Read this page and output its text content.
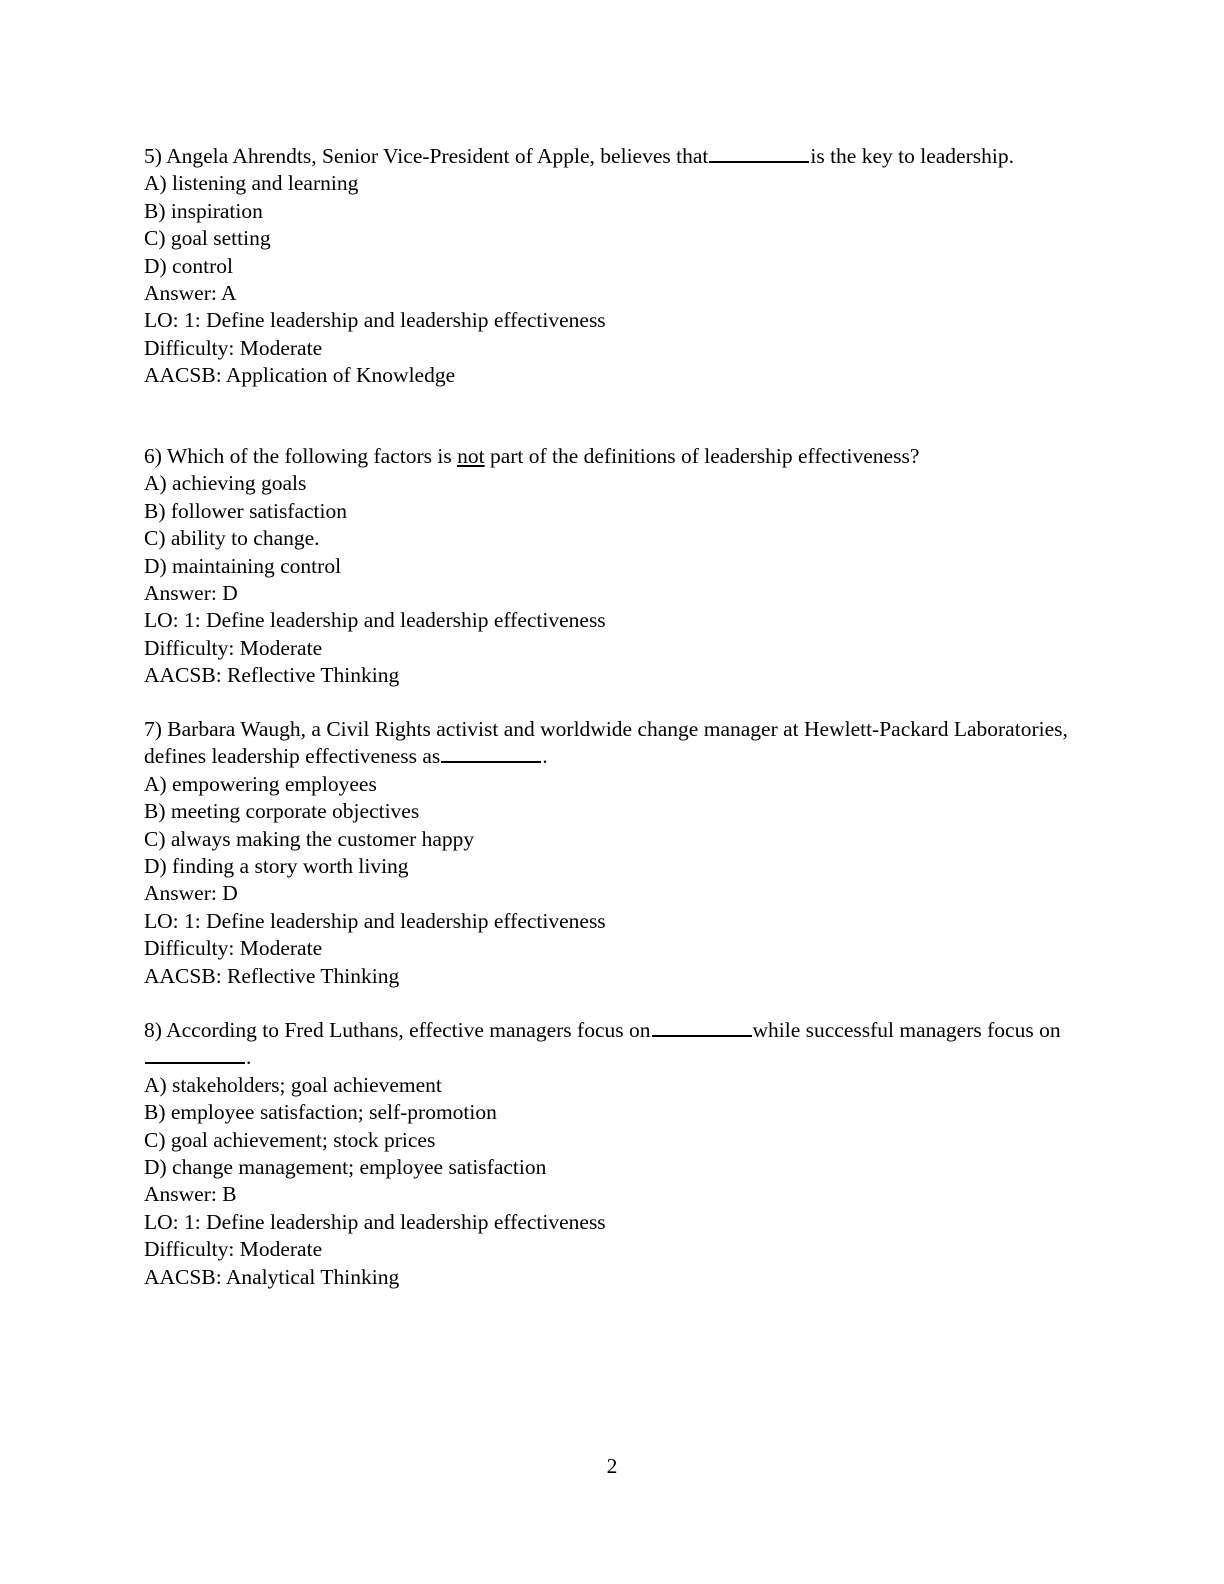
5) Angela Ahrendts, Senior Vice-President of Apple, believes that	is the key to leadership.
A) listening and learning
B) inspiration
C) goal setting
D) control
Answer: A
LO: 1: Define leadership and leadership effectiveness
Difficulty: Moderate
AACSB: Application of Knowledge
6) Which of the following factors is not part of the definitions of leadership effectiveness?
A) achieving goals
B) follower satisfaction
C) ability to change.
D) maintaining control
Answer: D
LO: 1: Define leadership and leadership effectiveness
Difficulty: Moderate
AACSB: Reflective Thinking
7) Barbara Waugh, a Civil Rights activist and worldwide change manager at Hewlett-Packard Laboratories, defines leadership effectiveness as	.
A) empowering employees
B) meeting corporate objectives
C) always making the customer happy
D) finding a story worth living
Answer: D
LO: 1: Define leadership and leadership effectiveness
Difficulty: Moderate
AACSB: Reflective Thinking
8) According to Fred Luthans, effective managers focus on	while successful managers focus on.
A) stakeholders; goal achievement
B) employee satisfaction; self-promotion
C) goal achievement; stock prices
D) change management; employee satisfaction
Answer: B
LO: 1: Define leadership and leadership effectiveness
Difficulty: Moderate
AACSB: Analytical Thinking
2
